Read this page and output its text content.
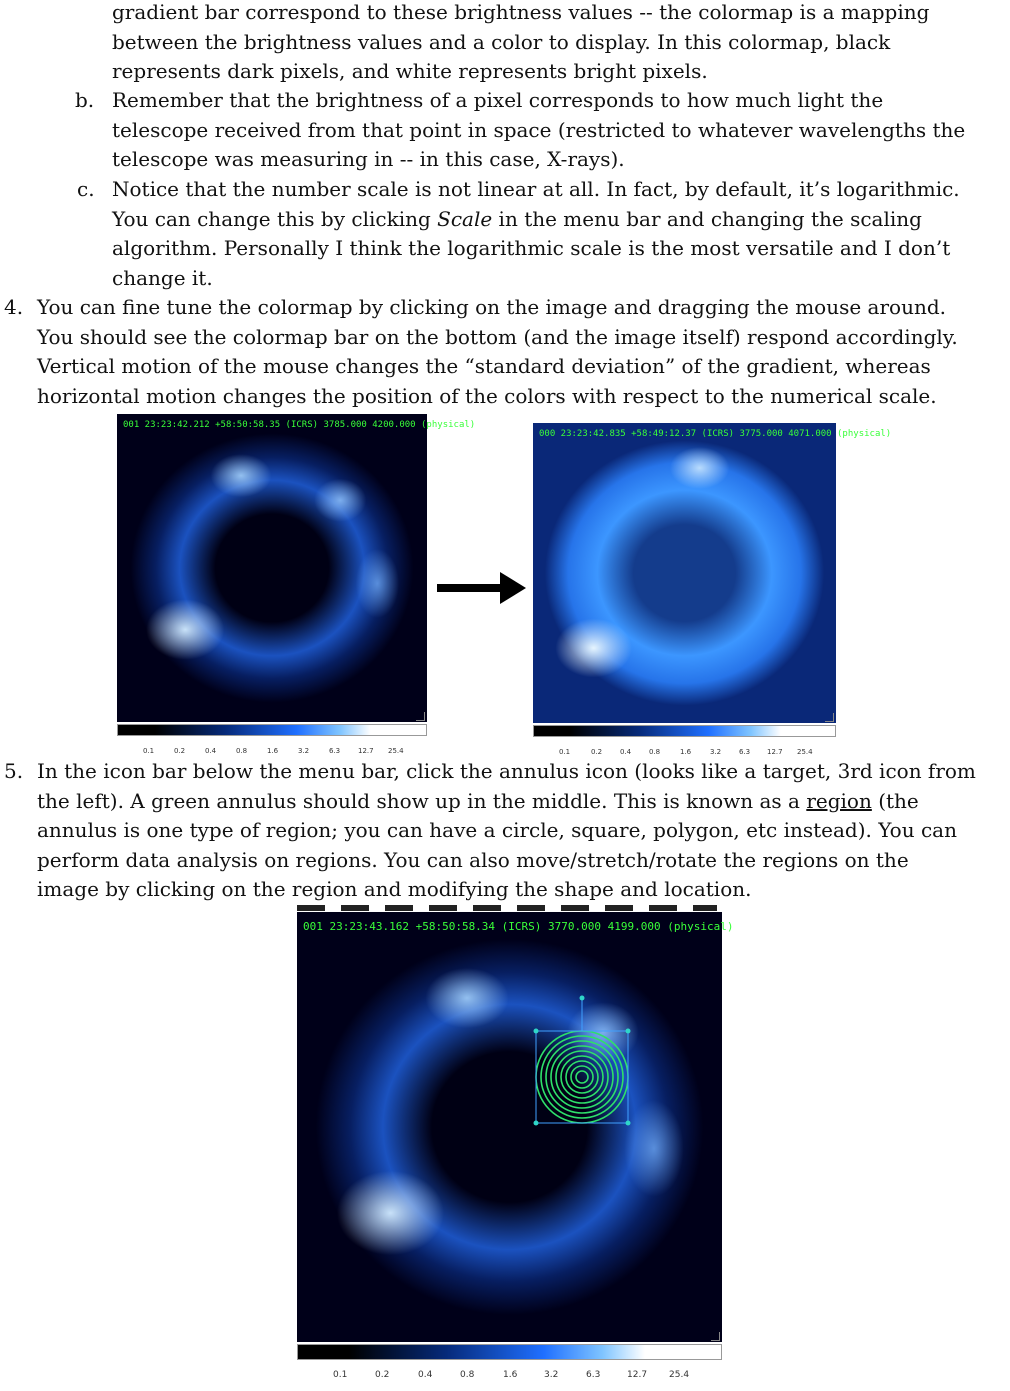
gradient bar correspond to these brightness values -- the colormap is a mapping
between the brightness values and a color to display. In this colormap, black
represents dark pixels, and white represents bright pixels.
b. Remember that the brightness of a pixel corresponds to how much light the
telescope received from that point in space (restricted to whatever wavelengths the
telescope was measuring in -- in this case, X-rays).
c. Notice that the number scale is not linear at all. In fact, by default, it’s logarithmic.
You can change this by clicking Scale in the menu bar and changing the scaling
algorithm. Personally I think the logarithmic scale is the most versatile and I don’t
change it.
4. You can fine tune the colormap by clicking on the image and dragging the mouse around.
You should see the colormap bar on the bottom (and the image itself) respond accordingly.
Vertical motion of the mouse changes the “standard deviation” of the gradient, whereas
horizontal motion changes the position of the colors with respect to the numerical scale.
001 23:23:42.212 +58:50:58.35 (ICRS) 3785.000 4200.000 (physical)
0.1	0.2	0.4	0.8	1.6	3.2	6.3	12.7 25.4
000 23:23:42.835 +58:49:12.37 (ICRS) 3775.000 4071.000 (physical)
0.1	0.2	0.4	0.8	1.6	3.2	6.3 12.7 25.4
5. In the icon bar below the menu bar, click the annulus icon (looks like a target, 3rd icon from
the left). A green annulus should show up in the middle. This is known as a region (the
annulus is one type of region; you can have a circle, square, polygon, etc instead). You can
perform data analysis on regions. You can also move/stretch/rotate the regions on the
image by clicking on the region and modifying the shape and location.
001 23:23:43.162 +58:50:58.34 (ICRS) 3770.000 4199.000 (physical)
0.1	0.2	0.4	0.8	1.6	3.2	6.3	12.7 25.4
